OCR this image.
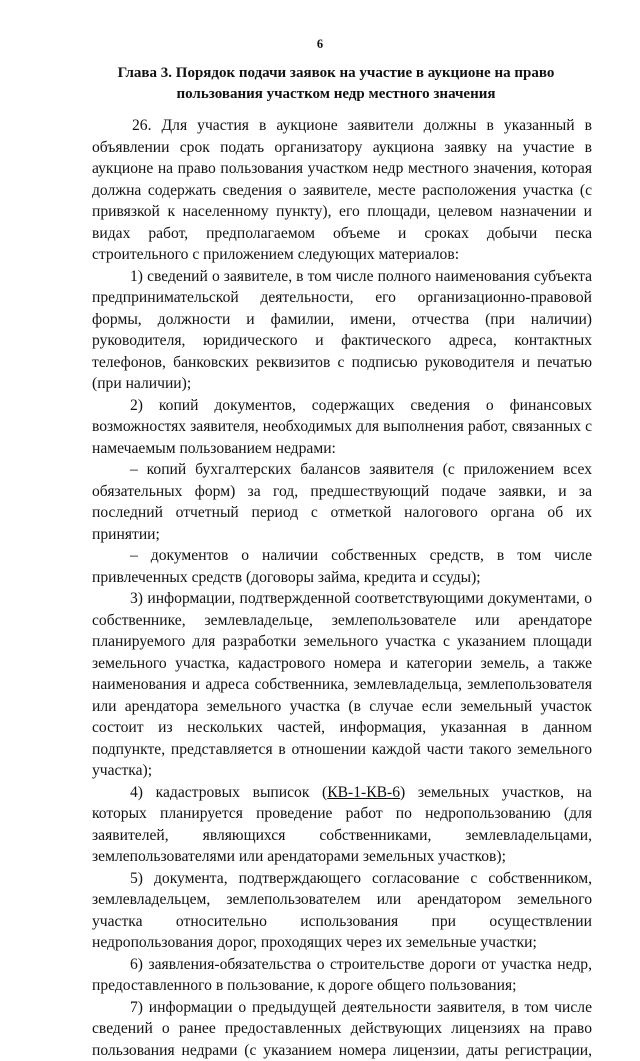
6
Глава 3. Порядок подачи заявок на участие в аукционе на право пользования участком недр местного значения

26. Для участия в аукционе заявители должны в указанный в объявлении срок подать организатору аукциона заявку на участие в аукционе на право пользования участком недр местного значения, которая должна содержать сведения о заявителе, месте расположения участка (с привязкой к населенному пункту), его площади, целевом назначении и видах работ, предполагаемом объеме и сроках добычи песка строительного с приложением следующих материалов:

1) сведений о заявителе, в том числе полного наименования субъекта предпринимательской деятельности, его организационно-правовой формы, должности и фамилии, имени, отчества (при наличии) руководителя, юридического и фактического адреса, контактных телефонов, банковских реквизитов с подписью руководителя и печатью (при наличии);

2) копий документов, содержащих сведения о финансовых возможностях заявителя, необходимых для выполнения работ, связанных с намечаемым пользованием недрами:

– копий бухгалтерских балансов заявителя (с приложением всех обязательных форм) за год, предшествующий подаче заявки, и за последний отчетный период с отметкой налогового органа об их принятии;

– документов о наличии собственных средств, в том числе привлеченных средств (договоры займа, кредита и ссуды);

3) информации, подтвержденной соответствующими документами, о собственнике, землевладельце, землепользователе или арендаторе планируемого для разработки земельного участка с указанием площади земельного участка, кадастрового номера и категории земель, а также наименования и адреса собственника, землевладельца, землепользователя или арендатора земельного участка (в случае если земельный участок состоит из нескольких частей, информация, указанная в данном подпункте, представляется в отношении каждой части такого земельного участка);

4) кадастровых выписок (КВ-1-КВ-6) земельных участков, на которых планируется проведение работ по недропользованию (для заявителей, являющихся собственниками, землевладельцами, землепользователями или арендаторами земельных участков);

5) документа, подтверждающего согласование с собственником, землевладельцем, землепользователем или арендатором земельного участка относительно использования при осуществлении недропользования дорог, проходящих через их земельные участки;

6) заявления-обязательства о строительстве дороги от участка недр, предоставленного в пользование, к дороге общего пользования;

7) информации о предыдущей деятельности заявителя, в том числе сведений о ранее предоставленных действующих лицензиях на право пользования недрами (с указанием номера лицензии, даты регистрации,
